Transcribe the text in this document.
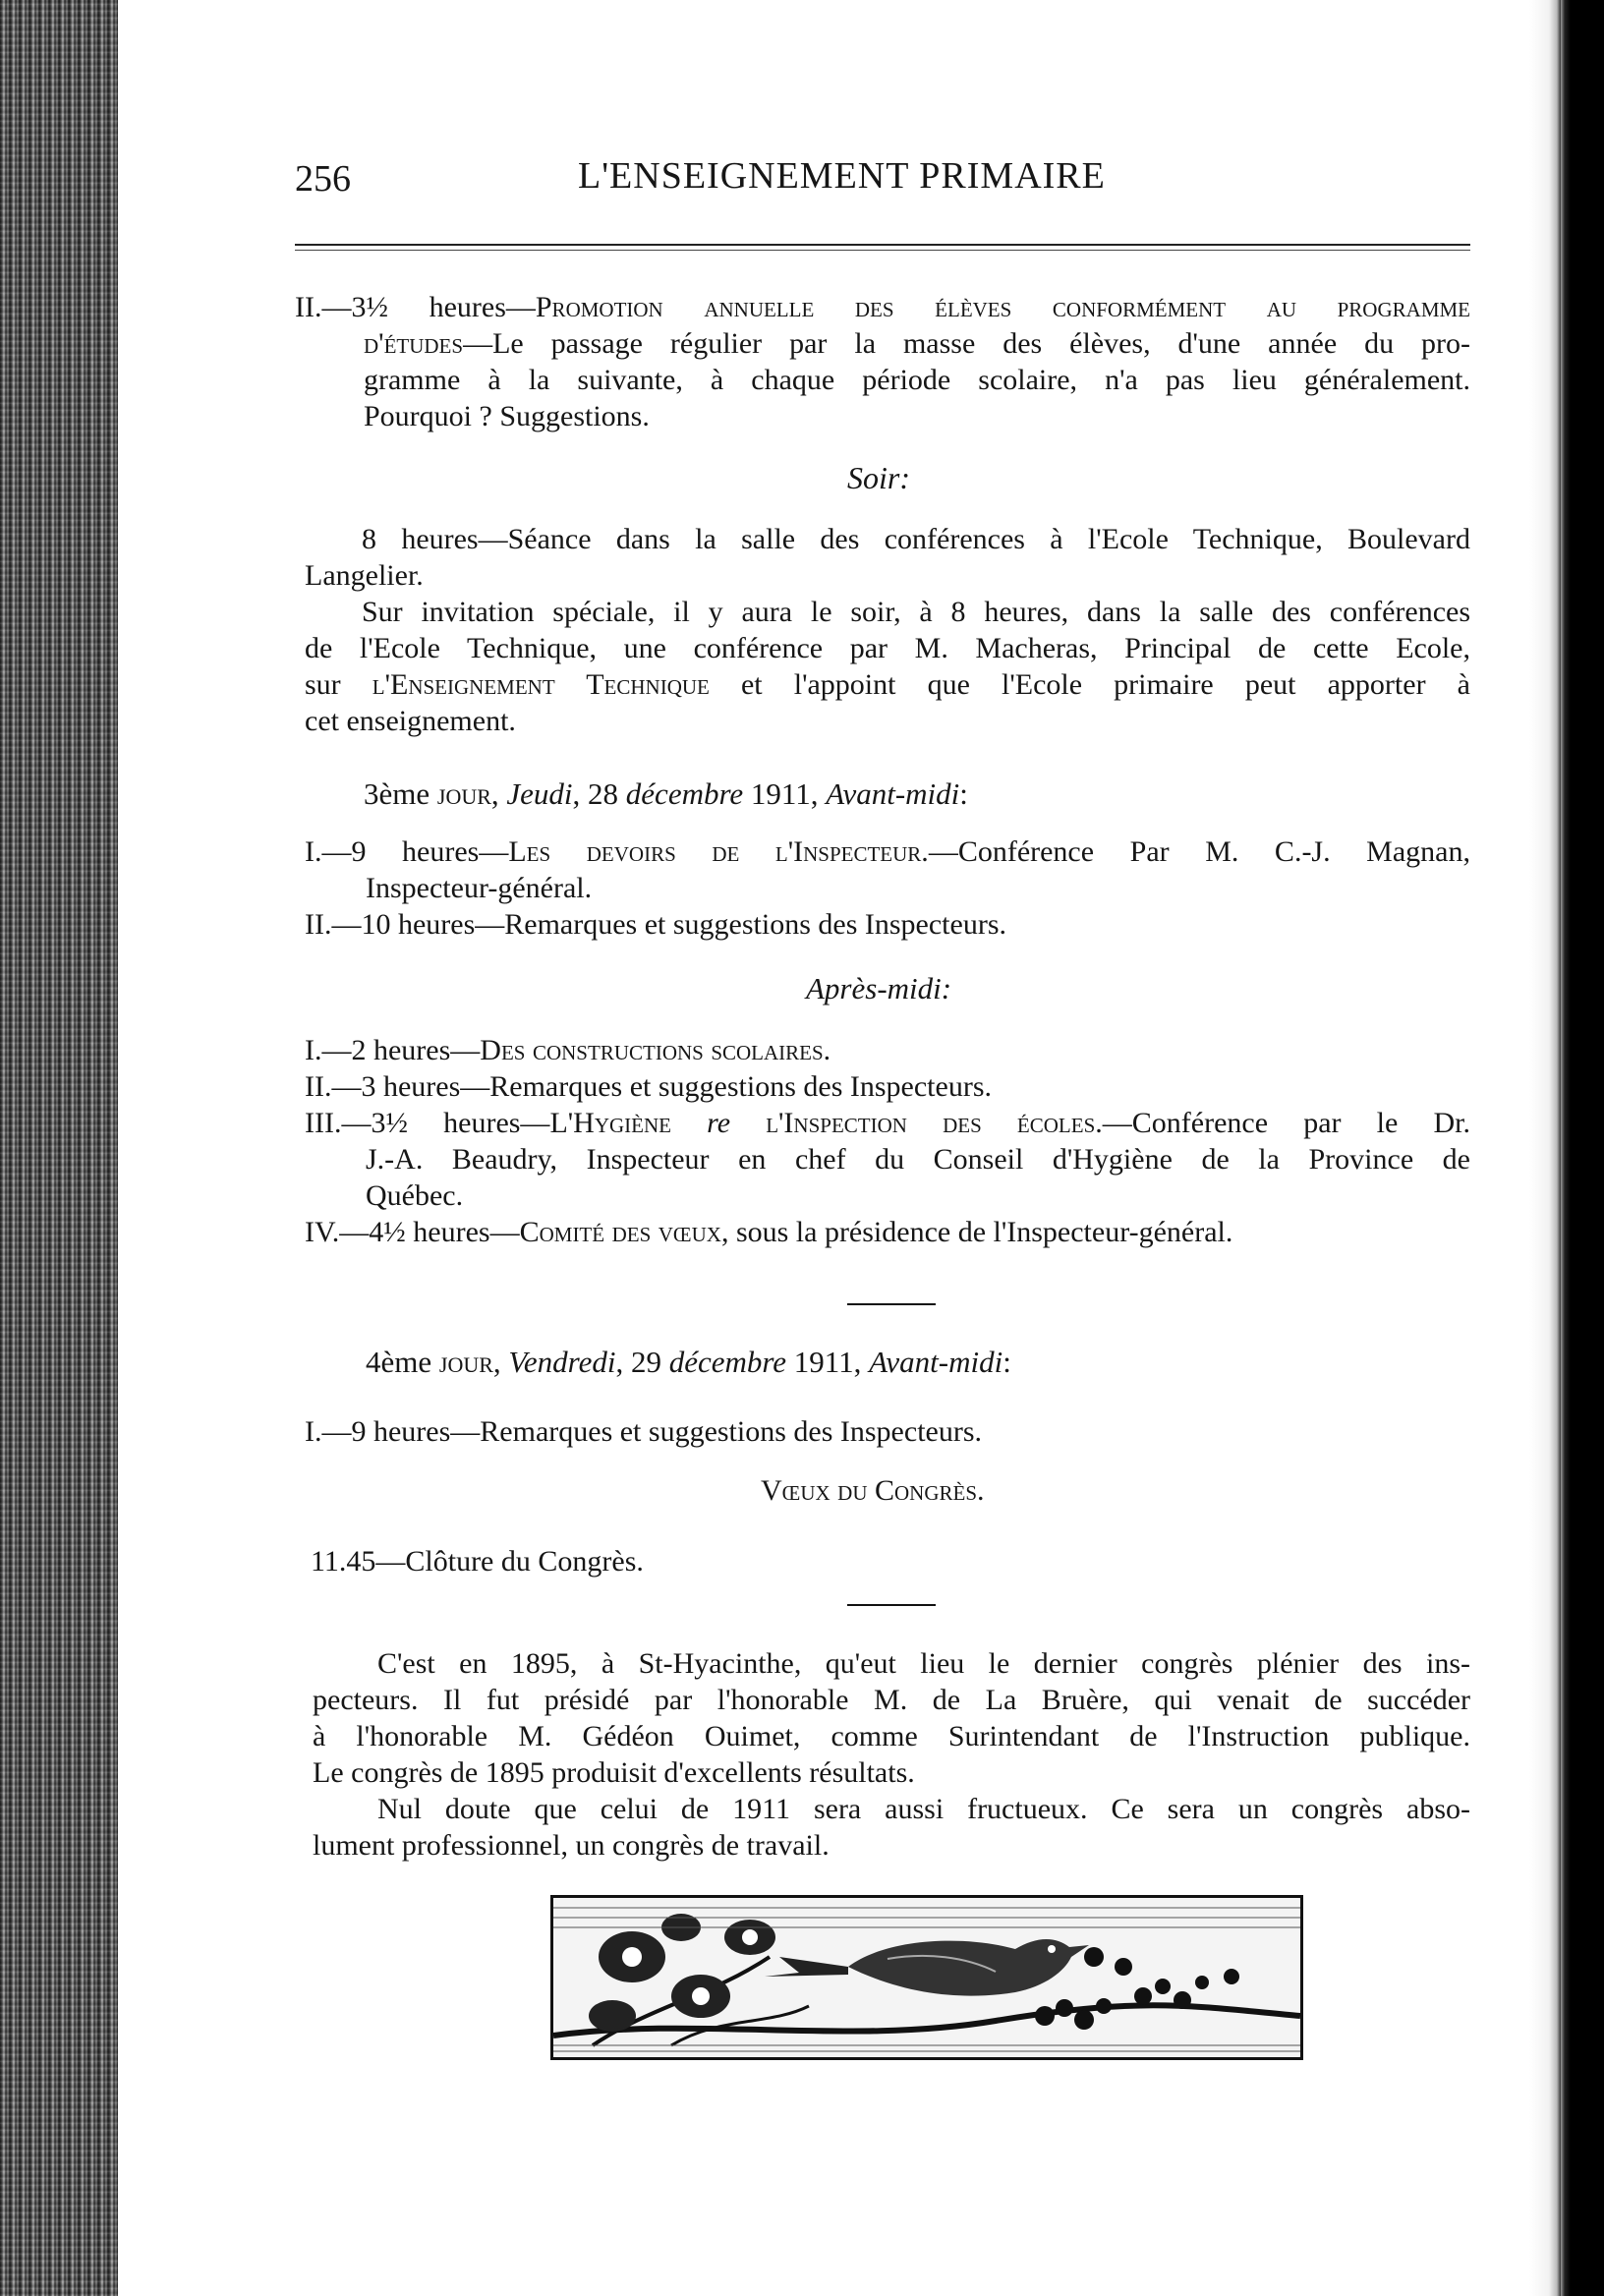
256	L'ENSEIGNEMENT PRIMAIRE
II.—3½ heures—Promotion annuelle des élèves conformément au programme
d'études—Le passage régulier par la masse des élèves, d'une année du pro-
gramme à la suivante, à chaque période scolaire, n'a pas lieu généralement.
Pourquoi ? Suggestions.
Soir:
8 heures—Séance dans la salle des conférences à l'Ecole Technique, Boulevard
Langelier.
Sur invitation spéciale, il y aura le soir, à 8 heures, dans la salle des conférences
de l'Ecole Technique, une conférence par M. Macheras, Principal de cette Ecole,
sur l'Enseignement Technique et l'appoint que l'Ecole primaire peut apporter à
cet enseignement.
3ème jour, Jeudi, 28 décembre 1911, Avant-midi:
I.—9 heures—Les devoirs de l'Inspecteur.—Conférence Par M. C.-J. Magnan,
Inspecteur-général.
II.—10 heures—Remarques et suggestions des Inspecteurs.
Après-midi:
I.—2 heures—Des constructions scolaires.
II.—3 heures—Remarques et suggestions des Inspecteurs.
III.—3½ heures—L'Hygiène re l'Inspection des écoles.—Conférence par le Dr.
J.-A. Beaudry, Inspecteur en chef du Conseil d'Hygiène de la Province de
Québec.
IV.—4½ heures—Comité des vœux, sous la présidence de l'Inspecteur-général.
4ème jour, Vendredi, 29 décembre 1911, Avant-midi:
I.—9 heures—Remarques et suggestions des Inspecteurs.
Vœux du Congrès.
11.45—Clôture du Congrès.
C'est en 1895, à St-Hyacinthe, qu'eut lieu le dernier congrès plénier des ins-
pecteurs. Il fut présidé par l'honorable M. de La Bruère, qui venait de succéder
à l'honorable M. Gédéon Ouimet, comme Surintendant de l'Instruction publique.
Le congrès de 1895 produisit d'excellents résultats.
Nul doute que celui de 1911 sera aussi fructueux. Ce sera un congrès abso-
lument professionnel, un congrès de travail.
